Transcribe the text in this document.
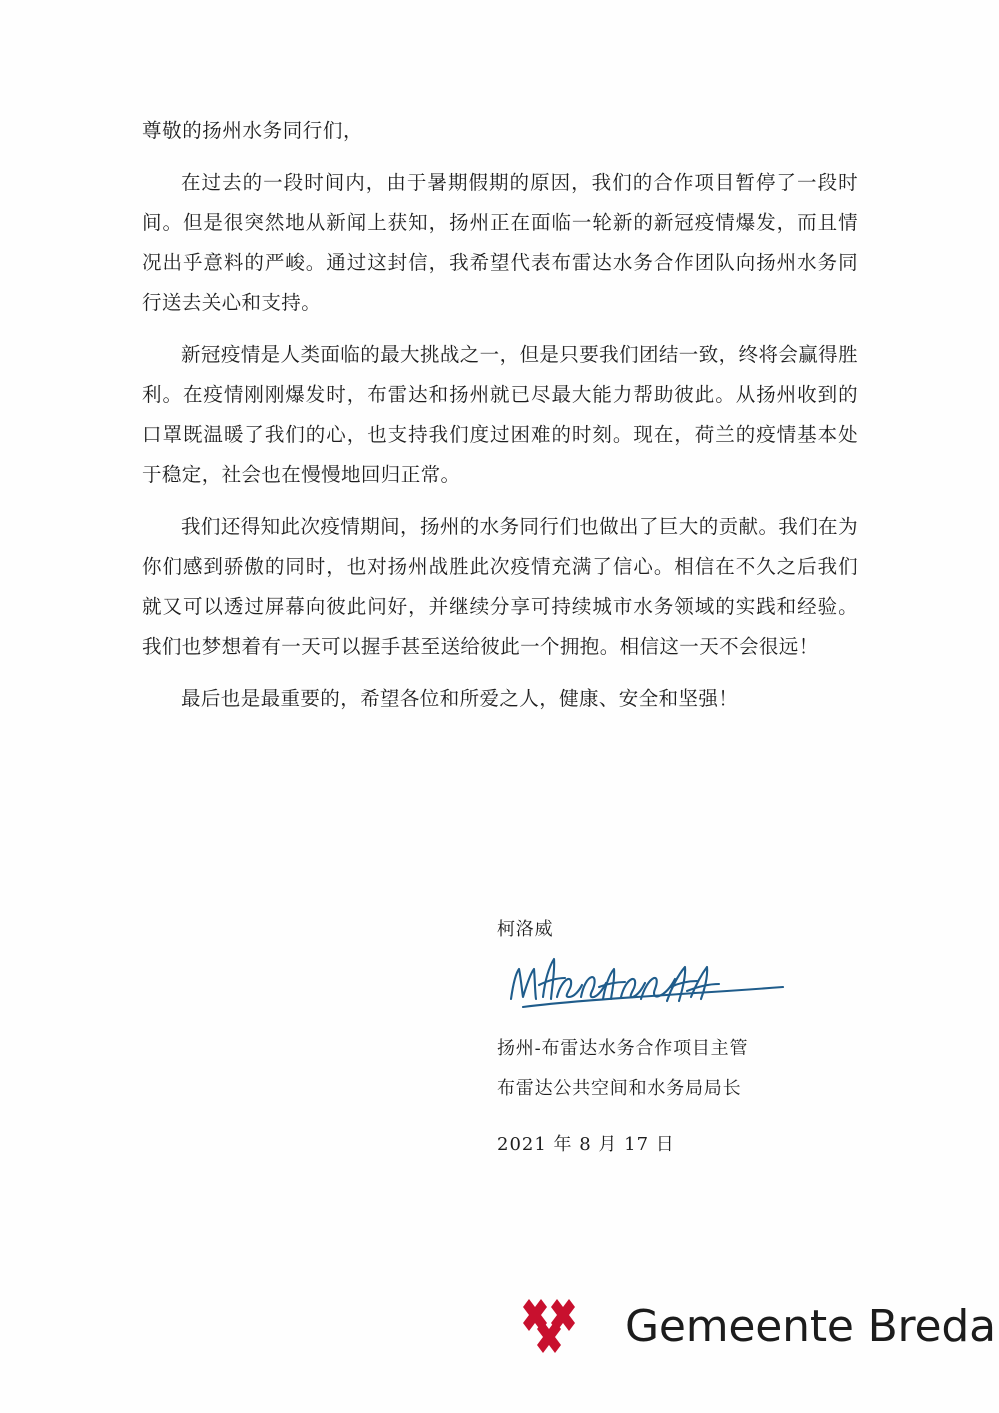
尊敬的扬州水务同行们，

在过去的一段时间内，由于暑期假期的原因，我们的合作项目暂停了一段时间。但是很突然地从新闻上获知，扬州正在面临一轮新的新冠疫情爆发，而且情况出乎意料的严峻。通过这封信，我希望代表布雷达水务合作团队向扬州水务同行送去关心和支持。

新冠疫情是人类面临的最大挑战之一，但是只要我们团结一致，终将会赢得胜利。在疫情刚刚爆发时，布雷达和扬州就已尽最大能力帮助彼此。从扬州收到的口罩既温暖了我们的心，也支持我们度过困难的时刻。现在，荷兰的疫情基本处于稳定，社会也在慢慢地回归正常。

我们还得知此次疫情期间，扬州的水务同行们也做出了巨大的贡献。我们在为你们感到骄傲的同时，也对扬州战胜此次疫情充满了信心。相信在不久之后我们就又可以透过屏幕向彼此问好，并继续分享可持续城市水务领域的实践和经验。我们也梦想着有一天可以握手甚至送给彼此一个拥抱。相信这一天不会很远！

最后也是最重要的，希望各位和所爱之人，健康、安全和坚强！

柯洛威

扬州-布雷达水务合作项目主管
布雷达公共空间和水务局局长

2021 年 8 月 17 日

Gemeente Breda
